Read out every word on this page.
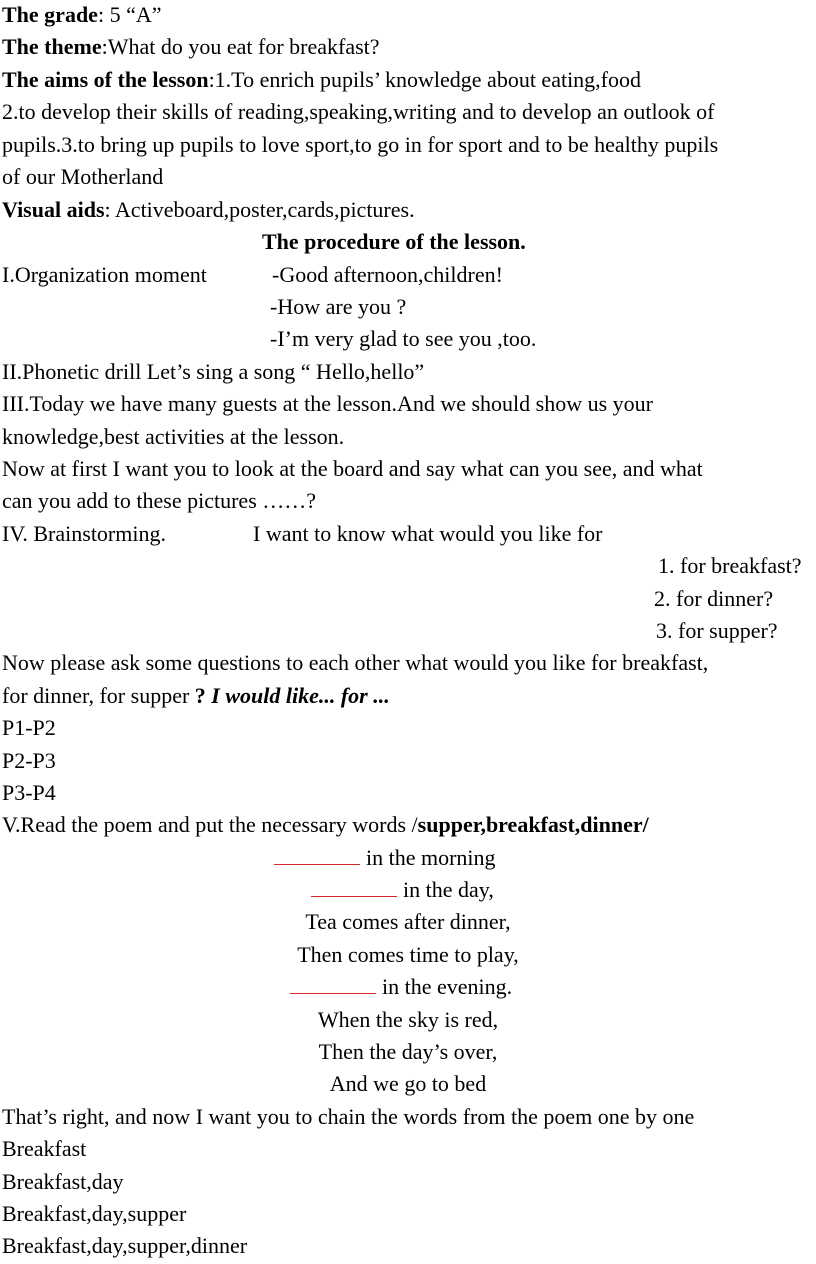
The grade: 5 “A”
The theme:What do you eat for breakfast?
The aims of the lesson:1.To enrich pupils’ knowledge about eating,food
2.to develop their skills of reading,speaking,writing and to develop an outlook of
pupils.3.to bring up pupils to love sport,to go in for sport and to be healthy pupils
of our Motherland
Visual aids: Activeboard,poster,cards,pictures.
The procedure of the lesson.
I.Organization moment	-Good afternoon,children!
-How are you ?
-I’m very glad to see you ,too.
II.Phonetic drill Let’s sing a song “ Hello,hello”
III.Today we have many guests at the lesson.And we should show us your
knowledge,best activities at the lesson.
Now at first I want you to look at the board and say what can you see, and what
can you add to these pictures ……?
IV. Brainstorming.	I want to know what would you like for
1. for breakfast?
2. for dinner?
3. for supper?
Now please ask some questions to each other what would you like for breakfast,
for dinner, for supper ? I would like... for ...
P1-P2
P2-P3
P3-P4
V.Read the poem and put the necessary words /supper,breakfast,dinner/
in the morning
in the day,
Tea comes after dinner,
Then comes time to play,
in the evening.
When the sky is red,
Then the day’s over,
And we go to bed
That’s right, and now I want you to chain the words from the poem one by one
Breakfast
Breakfast,day
Breakfast,day,supper
Breakfast,day,supper,dinner
